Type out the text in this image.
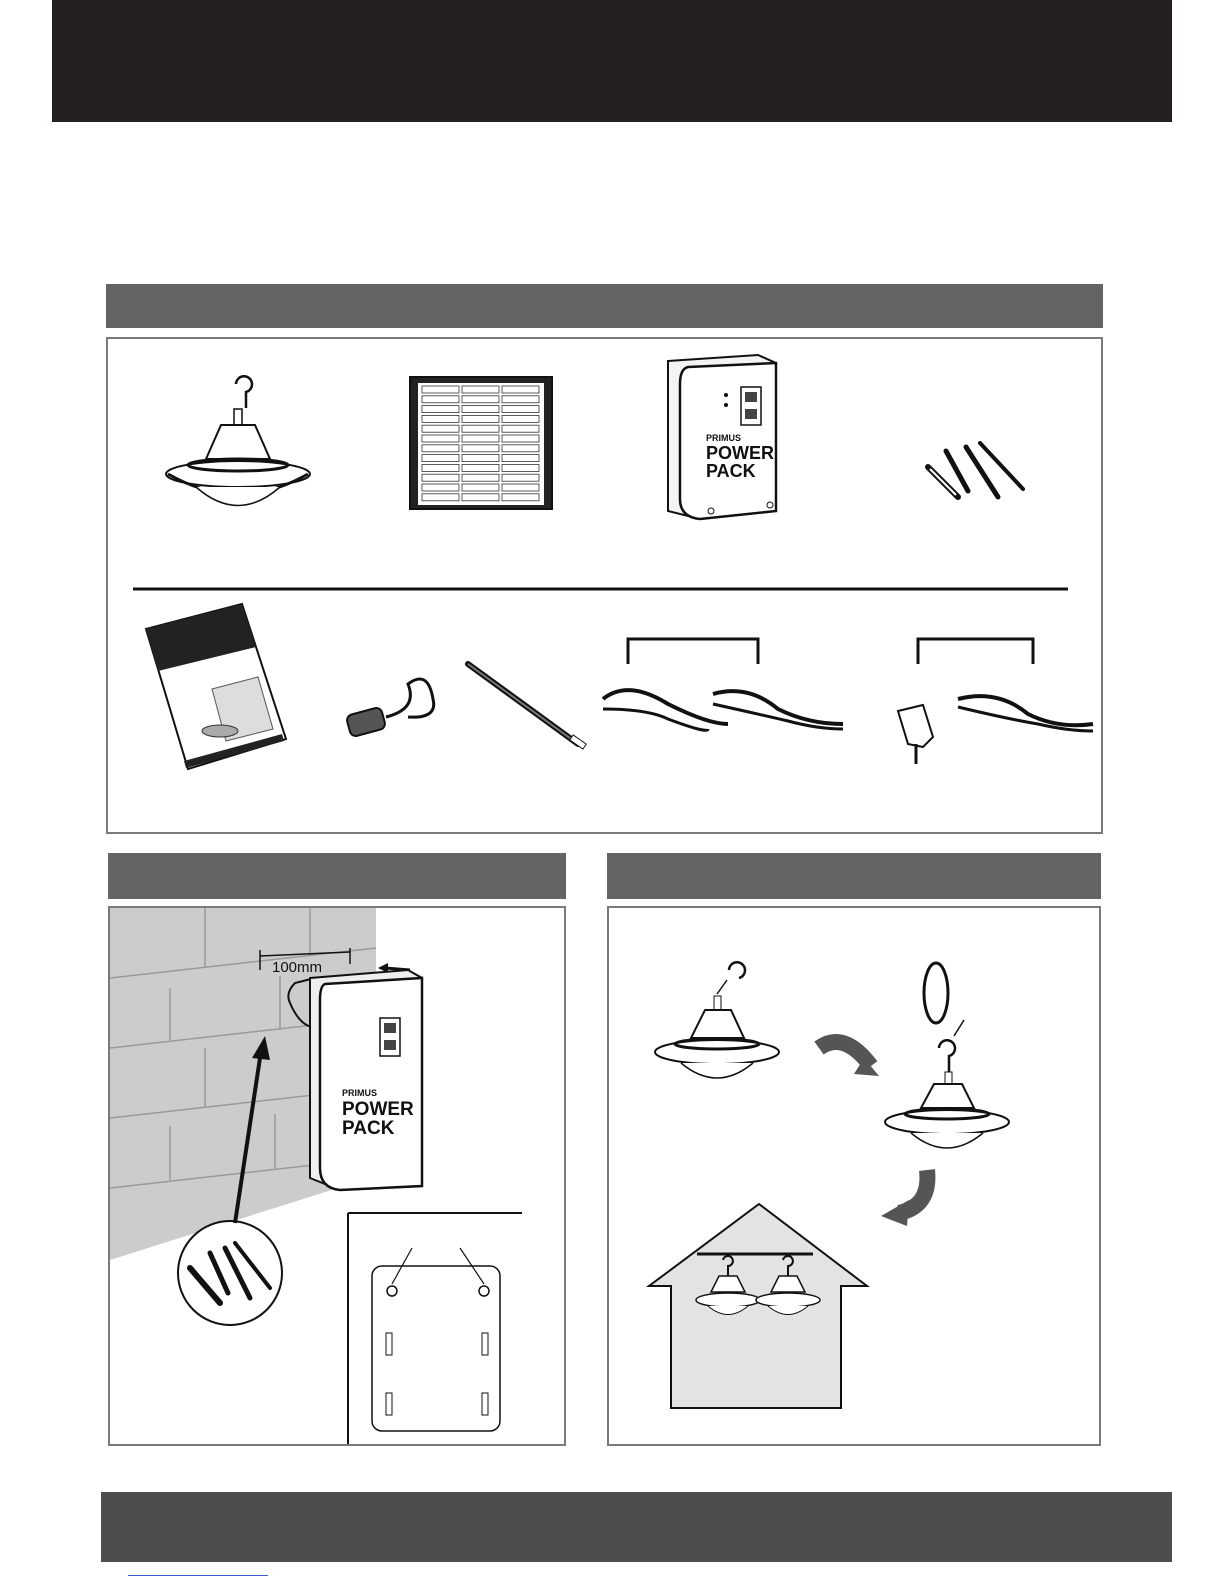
PRIMUS
POWER
PACK
100mm
PRIMUS
POWER
PACK
